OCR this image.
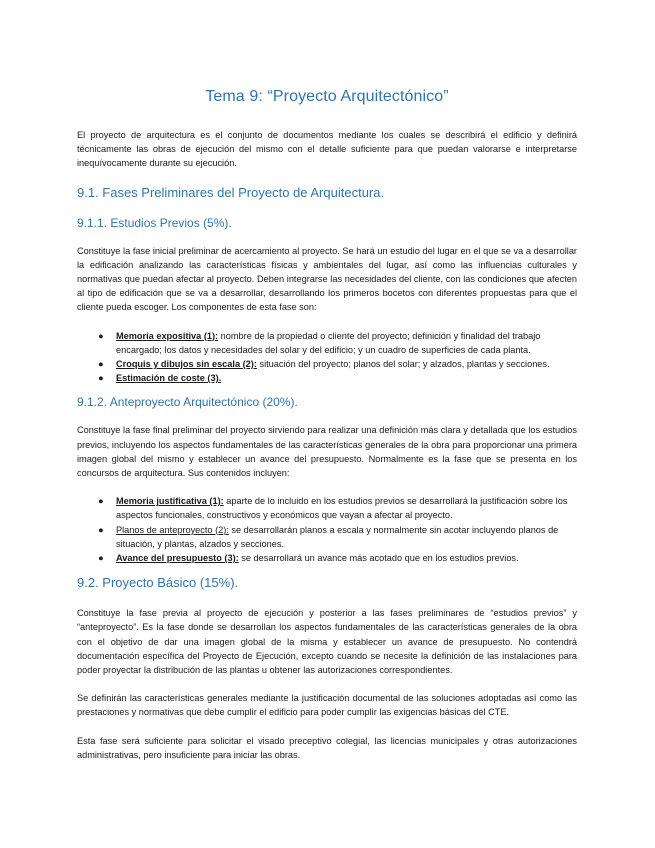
Tema 9: “Proyecto Arquitectónico”

El proyecto de arquitectura es el conjunto de documentos mediante los cuales se describirá el edificio y definirá técnicamente las obras de ejecución del mismo con el detalle suficiente para que puedan valorarse e interpretarse inequívocamente durante su ejecución.

9.1. Fases Preliminares del Proyecto de Arquitectura.
9.1.1. Estudios Previos (5%).

Constituye la fase inicial preliminar de acercamiento al proyecto. Se hará un estudio del lugar en el que se va a desarrollar la edificación analizando las características físicas y ambientales del lugar, así como las influencias culturales y normativas que puedan afectar al proyecto. Deben integrarse las necesidades del cliente, con las condiciones que afecten al tipo de edificación que se va a desarrollar, desarrollando los primeros bocetos con diferentes propuestas para que el cliente pueda escoger. Los componentes de esta fase son:

● Memoria expositiva (1): nombre de la propiedad o cliente del proyecto; definición y finalidad del trabajo encargado; los datos y necesidades del solar y del edificio; y un cuadro de superficies de cada planta.
● Croquis y dibujos sin escala (2): situación del proyecto; planos del solar; y alzados, plantas y secciones.
● Estimación de coste (3).
9.1.2. Anteproyecto Arquitectónico (20%).

Constituye la fase final preliminar del proyecto sirviendo para realizar una definición más clara y detallada que los estudios previos, incluyendo los aspectos fundamentales de las características generales de la obra para proporcionar una primera imagen global del mismo y establecer un avance del presupuesto. Normalmente es la fase que se presenta en los concursos de arquitectura. Sus contenidos incluyen:

● Memoria justificativa (1): aparte de lo incluido en los estudios previos se desarrollará la justificación sobre los aspectos funcionales, constructivos y económicos que vayan a afectar al proyecto.
● Planos de anteproyecto (2): se desarrollarán planos a escala y normalmente sin acotar incluyendo planos de situación, y plantas, alzados y secciones.
● Avance del presupuesto (3): se desarrollará un avance más acotado que en los estudios previos.
9.2. Proyecto Básico (15%).

Constituye la fase previa al proyecto de ejecución y posterior a las fases preliminares de “estudios previos” y “anteproyecto”. Es la fase donde se desarrollan los aspectos fundamentales de las características generales de la obra con el objetivo de dar una imagen global de la misma y establecer un avance de presupuesto. No contendrá documentación específica del Proyecto de Ejecución, excepto cuando se necesite la definición de las instalaciones para poder proyectar la distribución de las plantas u obtener las autorizaciones correspondientes.

Se definirán las características generales mediante la justificación documental de las soluciones adoptadas así como las prestaciones y normativas que debe cumplir el edificio para poder cumplir las exigencias básicas del CTE.

Esta fase será suficiente para solicitar el visado preceptivo colegial, las licencias municipales y otras autorizaciones administrativas, pero insuficiente para iniciar las obras.
